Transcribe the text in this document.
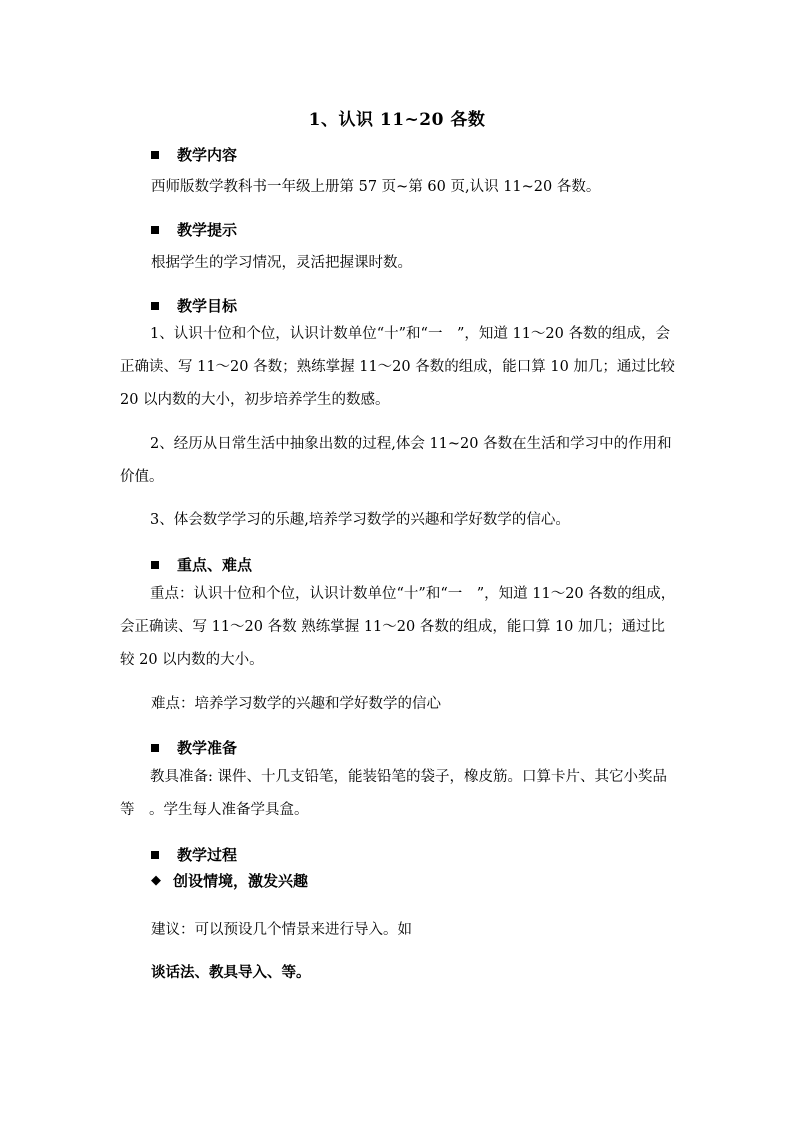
1、认识 11~20 各数
教学内容
西师版数学教科书一年级上册第 57 页~第 60 页,认识 11~20 各数。
教学提示
根据学生的学习情况，灵活把握课时数。
教学目标
1、认识十位和个位，认识计数单位“十”和“一　”，知道 11～20 各数的组成，会正确读、写 11～20 各数；熟练掌握 11～20 各数的组成，能口算 10 加几；通过比较 20 以内数的大小，初步培养学生的数感。
2、经历从日常生活中抽象出数的过程,体会 11~20 各数在生活和学习中的作用和价值。
3、体会数学学习的乐趣,培养学习数学的兴趣和学好数学的信心。
重点、难点
重点：认识十位和个位，认识计数单位“十”和“一　”，知道 11～20 各数的组成，会正确读、写 11～20 各数 熟练掌握 11～20 各数的组成，能口算 10 加几；通过比较 20 以内数的大小。
难点：培养学习数学的兴趣和学好数学的信心
教学准备
教具准备: 课件、十几支铅笔，能装铅笔的袋子，橡皮筋。口算卡片、其它小奖品等　。学生每人准备学具盒。
教学过程
◆ 创设情境，激发兴趣
建议：可以预设几个情景来进行导入。如
谈话法、教具导入、等。
